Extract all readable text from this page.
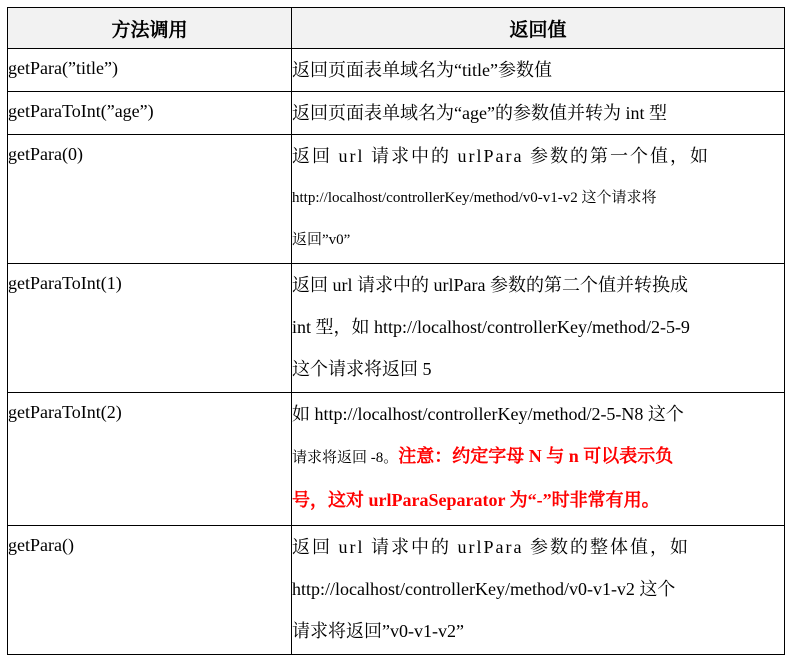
方法调用	返回值
getPara(”title”)	返回页面表单域名为“title”参数值
getParaToInt(”age”)	返回页面表单域名为“age”的参数值并转为 int 型
getPara(0)	返回 url 请求中的 urlPara 参数的第一个值，如
http://localhost/controllerKey/method/v0-v1-v2 这个请求将
返回”v0”

getParaToInt(1)	返回 url 请求中的 urlPara 参数的第二个值并转换成
int 型，如 http://localhost/controllerKey/method/2-5-9
这个请求将返回 5

getParaToInt(2)	如 http://localhost/controllerKey/method/2-5-N8 这个
请求将返回 -8。注意：约定字母 N 与 n 可以表示负
号，这对 urlParaSeparator 为“-”时非常有用。

getPara()	返回 url 请求中的 urlPara 参数的整体值，如
http://localhost/controllerKey/method/v0-v1-v2 这个
请求将返回”v0-v1-v2”
